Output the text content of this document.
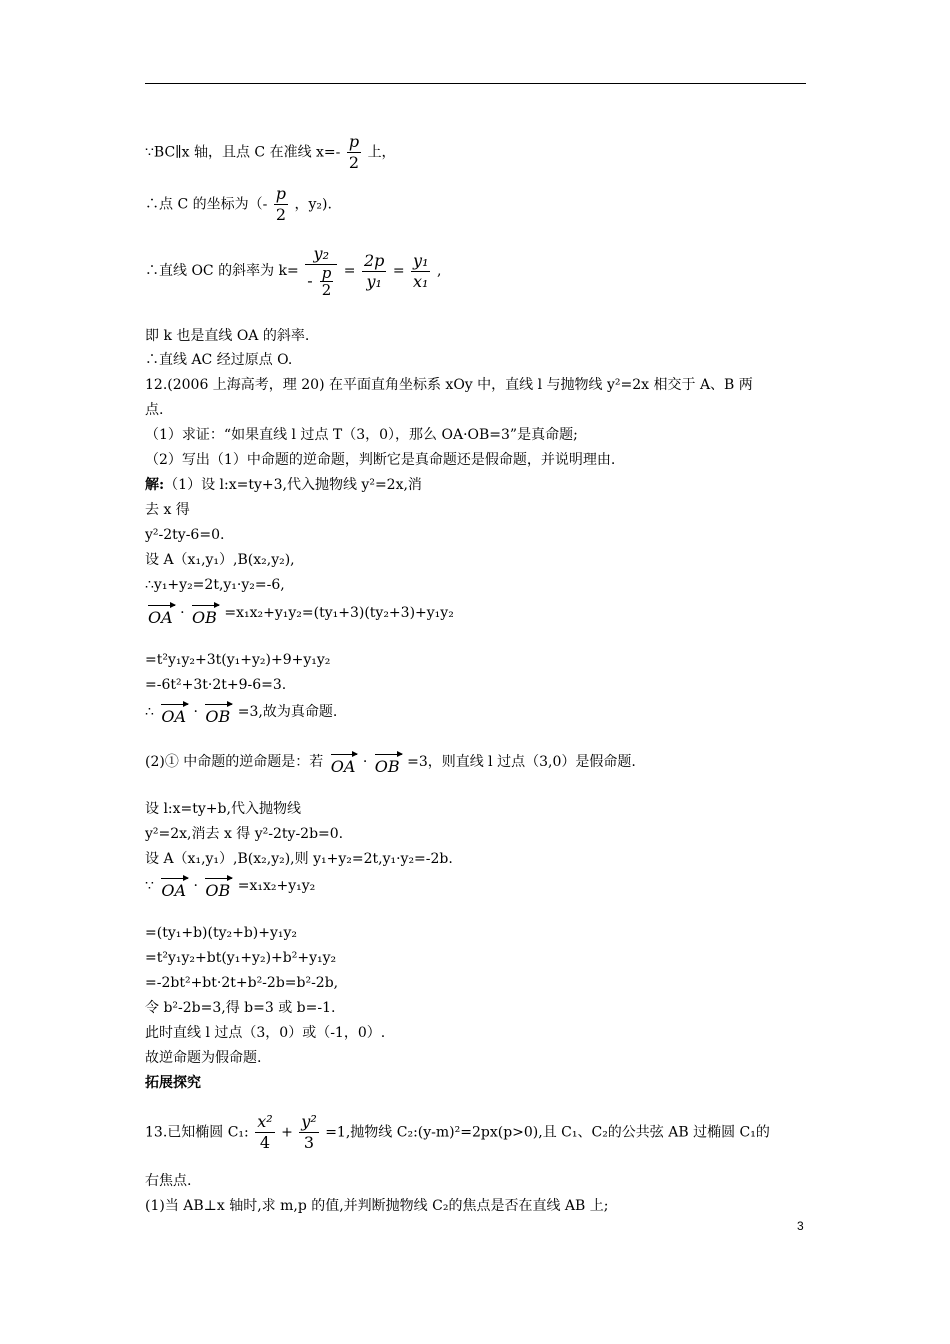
∵BC∥x 轴，且点 C 在准线 $x=- \frac{p}{2}$ 上，
∴点 C 的坐标为（- $\frac{p}{2}$ ，y₂).
∴直线 OC 的斜率为 $k= \frac{\text{y₂}}{- \frac{p}{2}} = \frac{2p}{\text{y₁}} = \frac{\text{y₁}}{\text{x₁}}$ ,
即 k 也是直线 OA 的斜率.
∴直线 AC 经过原点 O.
12.(2006 上海高考，理 20) 在平面直角坐标系 xOy 中，直线 l 与抛物线 y²=2x 相交于 A、B 两
点.
（1）求证：“如果直线 l 过点 T（3，0），那么 OA·OB=3”是真命题;
（2）写出（1）中命题的逆命题，判断它是真命题还是假命题，并说明理由.
解:（1）设 l:x=ty+3,代入抛物线 y²=2x,消
去 x 得
y²-2ty-6=0.
设 A（x₁,y₁）,B(x₂,y₂),
∴y₁+y₂=2t,y₁·y₂=-6,
OA · OB =x₁x₂+y₁y₂=(ty₁+3)(ty₂+3)+y₁y₂
=t²y₁y₂+3t(y₁+y₂)+9+y₁y₂
=-6t²+3t·2t+9-6=3.
∴ OA · OB =3,故为真命题.
(2)① 中命题的逆命题是：若 OA · OB =3，则直线 l 过点（3,0）是假命题.
设 l:x=ty+b,代入抛物线
y²=2x,消去 x 得 y²-2ty-2b=0.
设 A（x₁,y₁）,B(x₂,y₂),则 y₁+y₂=2t,y₁·y₂=-2b.
∵ OA · OB =x₁x₂+y₁y₂
=(ty₁+b)(ty₂+b)+y₁y₂
=t²y₁y₂+bt(y₁+y₂)+b²+y₁y₂
=-2bt²+bt·2t+b²-2b=b²-2b,
令 b²-2b=3,得 b=3 或 b=-1.
此时直线 l 过点（3，0）或（-1，0）.
故逆命题为假命题.
拓展探究
13.已知椭圆 C₁: $\frac{\text{x²}}{4} + \frac{\text{y²}}{3} =1$,抛物线 C₂:(y-m)²=2px(p>0),且 C₁、C₂的公共弦 AB 过椭圆 C₁的
右焦点.
(1)当 AB⊥x 轴时,求 m,p 的值,并判断抛物线 C₂的焦点是否在直线 AB 上;
3
